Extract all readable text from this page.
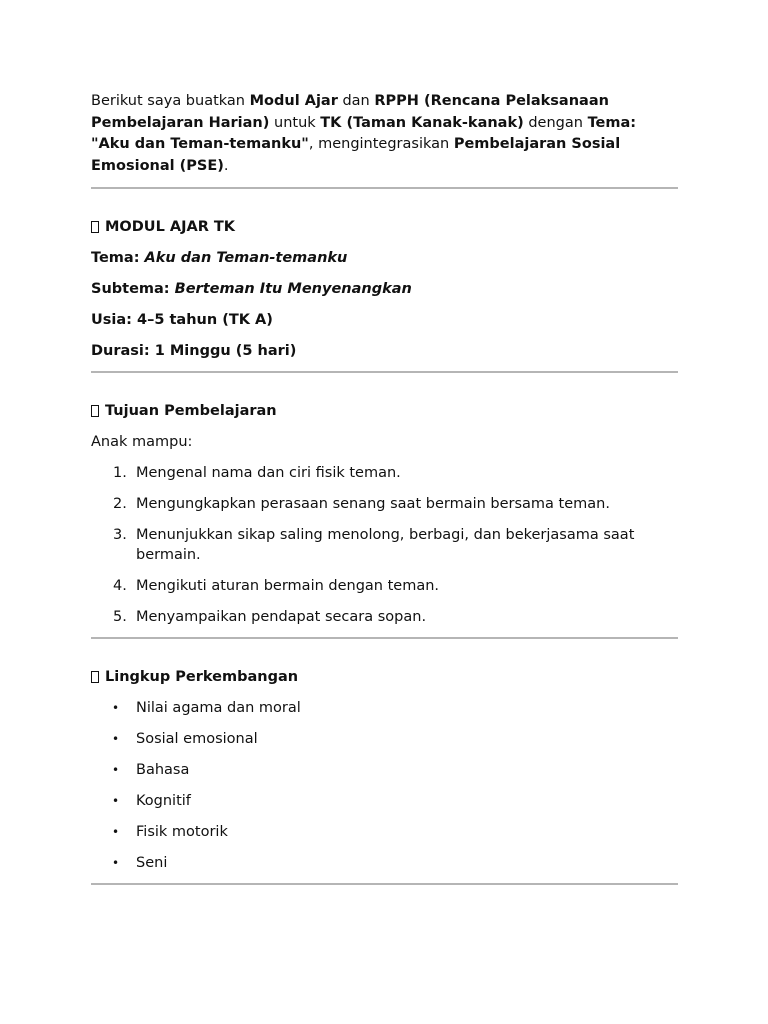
Berikut saya buatkan Modul Ajar dan RPPH (Rencana Pelaksanaan Pembelajaran Harian) untuk TK (Taman Kanak-kanak) dengan Tema: "Aku dan Teman-temanku", mengintegrasikan Pembelajaran Sosial Emosional (PSE).

MODUL AJAR TK
Tema: Aku dan Teman-temanku
Subtema: Berteman Itu Menyenangkan
Usia: 4–5 tahun (TK A)
Durasi: 1 Minggu (5 hari)
Tujuan Pembelajaran
Anak mampu:
1. Mengenal nama dan ciri fisik teman.
2. Mengungkapkan perasaan senang saat bermain bersama teman.
3. Menunjukkan sikap saling menolong, berbagi, dan bekerjasama saat bermain.
4. Mengikuti aturan bermain dengan teman.
5. Menyampaikan pendapat secara sopan.
Lingkup Perkembangan
• Nilai agama dan moral
• Sosial emosional
• Bahasa
• Kognitif
• Fisik motorik
• Seni
